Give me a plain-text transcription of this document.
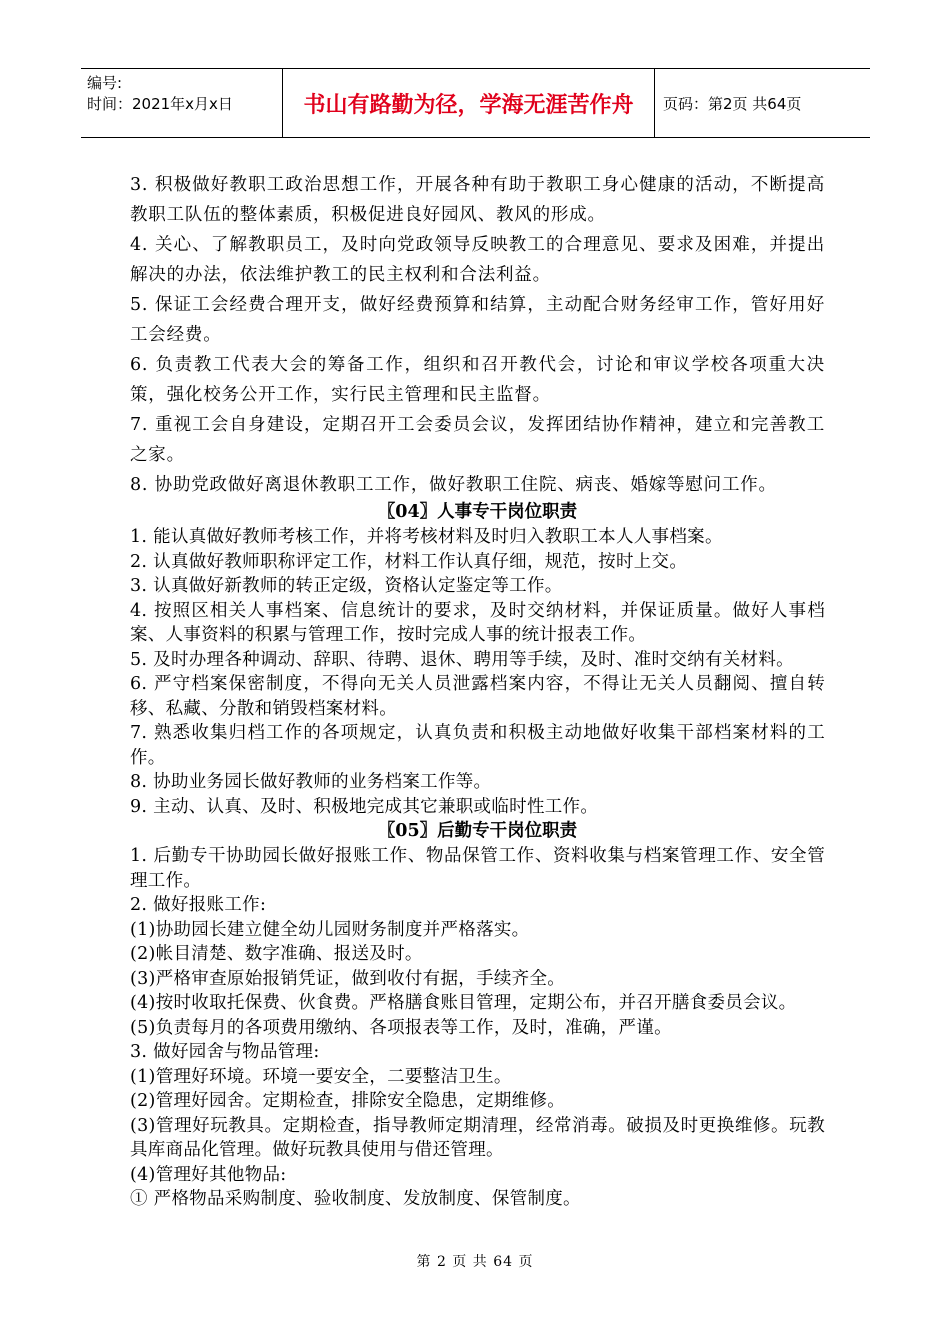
编号:
时间：2021年x月x日	书山有路勤为径，学海无涯苦作舟	页码：第2页 共64页

3. 积极做好教职工政治思想工作，开展各种有助于教职工身心健康的活动，不断提高教职工队伍的整体素质，积极促进良好园风、教风的形成。

4. 关心、了解教职员工，及时向党政领导反映教工的合理意见、要求及困难，并提出解决的办法，依法维护教工的民主权利和合法利益。

5. 保证工会经费合理开支，做好经费预算和结算，主动配合财务经审工作，管好用好工会经费。

6. 负责教工代表大会的筹备工作，组织和召开教代会，讨论和审议学校各项重大决策，强化校务公开工作，实行民主管理和民主监督。

7. 重视工会自身建设，定期召开工会委员会议，发挥团结协作精神，建立和完善教工之家。

8. 协助党政做好离退休教职工工作，做好教职工住院、病丧、婚嫁等慰问工作。

〖04〗人事专干岗位职责

1. 能认真做好教师考核工作，并将考核材料及时归入教职工本人人事档案。

2. 认真做好教师职称评定工作，材料工作认真仔细，规范，按时上交。

3. 认真做好新教师的转正定级，资格认定鉴定等工作。

4. 按照区相关人事档案、信息统计的要求，及时交纳材料，并保证质量。做好人事档案、人事资料的积累与管理工作，按时完成人事的统计报表工作。

5. 及时办理各种调动、辞职、待聘、退休、聘用等手续，及时、准时交纳有关材料。

6. 严守档案保密制度，不得向无关人员泄露档案内容，不得让无关人员翻阅、擅自转移、私藏、分散和销毁档案材料。

7. 熟悉收集归档工作的各项规定，认真负责和积极主动地做好收集干部档案材料的工作。

8. 协助业务园长做好教师的业务档案工作等。

9. 主动、认真、及时、积极地完成其它兼职或临时性工作。

〖05〗后勤专干岗位职责

1. 后勤专干协助园长做好报账工作、物品保管工作、资料收集与档案管理工作、安全管理工作。

2. 做好报账工作:

(1)协助园长建立健全幼儿园财务制度并严格落实。

(2)帐目清楚、数字准确、报送及时。

(3)严格审查原始报销凭证，做到收付有据，手续齐全。

(4)按时收取托保费、伙食费。严格膳食账目管理，定期公布，并召开膳食委员会议。

(5)负责每月的各项费用缴纳、各项报表等工作，及时，准确，严谨。

3. 做好园舍与物品管理:

(1)管理好环境。环境一要安全，二要整洁卫生。

(2)管理好园舍。定期检查，排除安全隐患，定期维修。

(3)管理好玩教具。定期检查，指导教师定期清理，经常消毒。破损及时更换维修。玩教具库商品化管理。做好玩教具使用与借还管理。

(4)管理好其他物品:

① 严格物品采购制度、验收制度、发放制度、保管制度。

第 2 页 共 64 页
